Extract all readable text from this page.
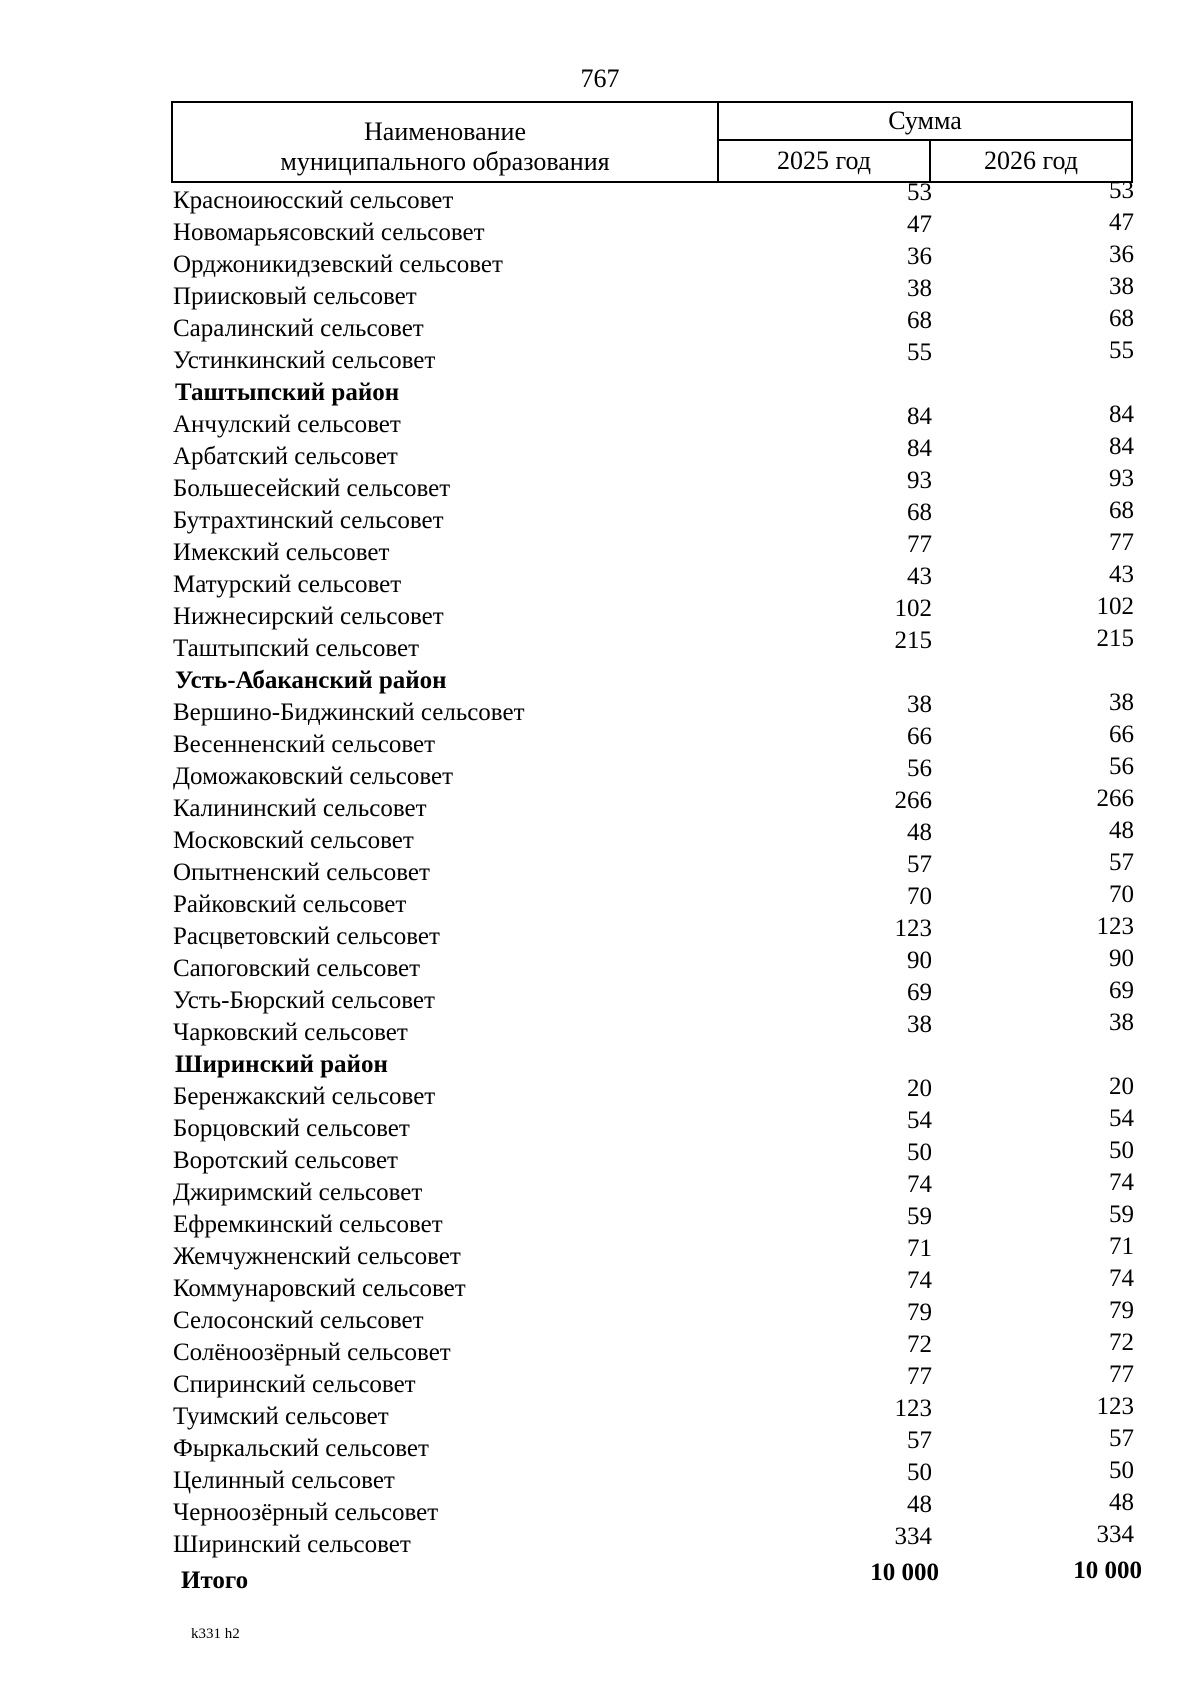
767
Наименование
муниципального образования
Сумма
2025 год	2026 год
Красноиюсский сельсовет	53	53
Новомарьясовский сельсовет	47	47
Орджоникидзевский сельсовет	36	36
Приисковый сельсовет	38	38
Саралинский сельсовет	68	68
Устинкинский сельсовет	55	55
Таштыпский район
Анчулский сельсовет	84	84
Арбатский сельсовет	84	84
Большесейский сельсовет	93	93
Бутрахтинский сельсовет	68	68
Имекский сельсовет	77	77
Матурский сельсовет	43	43
Нижнесирский сельсовет	102	102
Таштыпский сельсовет	215	215
Усть-Абаканский район
Вершино-Биджинский сельсовет	38	38
Весенненский сельсовет	66	66
Доможаковский сельсовет	56	56
Калининский сельсовет	266	266
Московский сельсовет	48	48
Опытненский сельсовет	57	57
Райковский сельсовет	70	70
Расцветовский сельсовет	123	123
Сапоговский сельсовет	90	90
Усть-Бюрский сельсовет	69	69
Чарковский сельсовет	38	38
Ширинский район
Беренжакский сельсовет	20	20
Борцовский сельсовет	54	54
Воротский сельсовет	50	50
Джиримский сельсовет	74	74
Ефремкинский сельсовет	59	59
Жемчужненский сельсовет	71	71
Коммунаровский сельсовет	74	74
Селосонский сельсовет	79	79
Солёноозёрный сельсовет	72	72
Спиринский сельсовет	77	77
Туимский сельсовет	123	123
Фыркальский сельсовет	57	57
Целинный сельсовет	50	50
Черноозёрный сельсовет	48	48
Ширинский сельсовет	334	334
Итого	10 000	10 000
k331 h2
